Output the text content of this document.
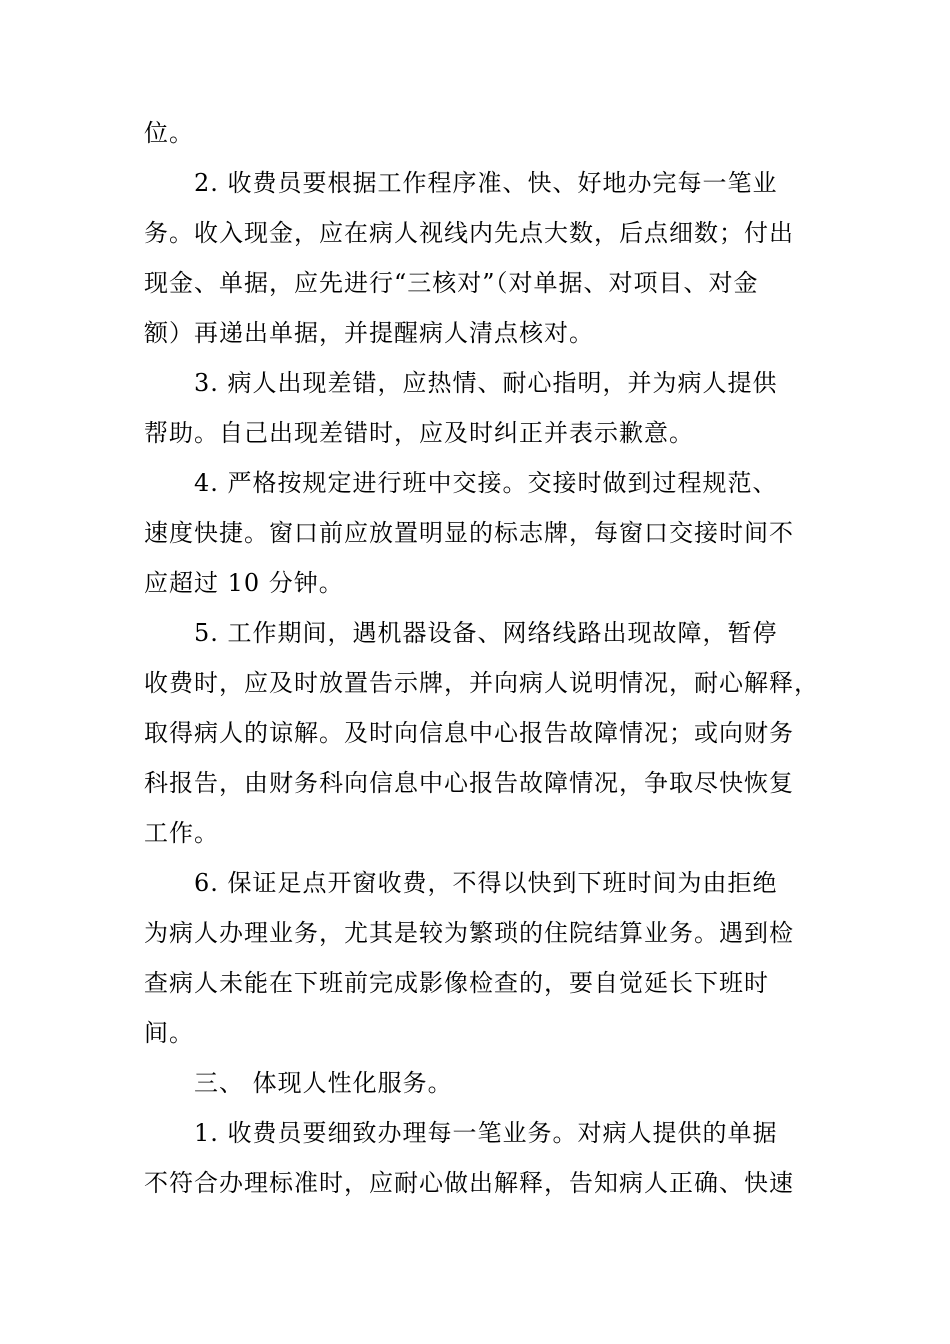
位。
2. 收费员要根据工作程序准、快、好地办完每一笔业
务。收入现金，应在病人视线内先点大数，后点细数；付出
现金、单据，应先进行“三核对”（对单据、对项目、对金
额）再递出单据，并提醒病人清点核对。
3. 病人出现差错，应热情、耐心指明，并为病人提供
帮助。自己出现差错时，应及时纠正并表示歉意。
4. 严格按规定进行班中交接。交接时做到过程规范、
速度快捷。窗口前应放置明显的标志牌，每窗口交接时间不
应超过 10 分钟。
5. 工作期间，遇机器设备、网络线路出现故障，暂停
收费时，应及时放置告示牌，并向病人说明情况，耐心解释，
取得病人的谅解。及时向信息中心报告故障情况；或向财务
科报告，由财务科向信息中心报告故障情况，争取尽快恢复
工作。
6. 保证足点开窗收费，不得以快到下班时间为由拒绝
为病人办理业务，尤其是较为繁琐的住院结算业务。遇到检
查病人未能在下班前完成影像检查的，要自觉延长下班时
间。
三、 体现人性化服务。
1. 收费员要细致办理每一笔业务。对病人提供的单据
不符合办理标准时，应耐心做出解释，告知病人正确、快速
